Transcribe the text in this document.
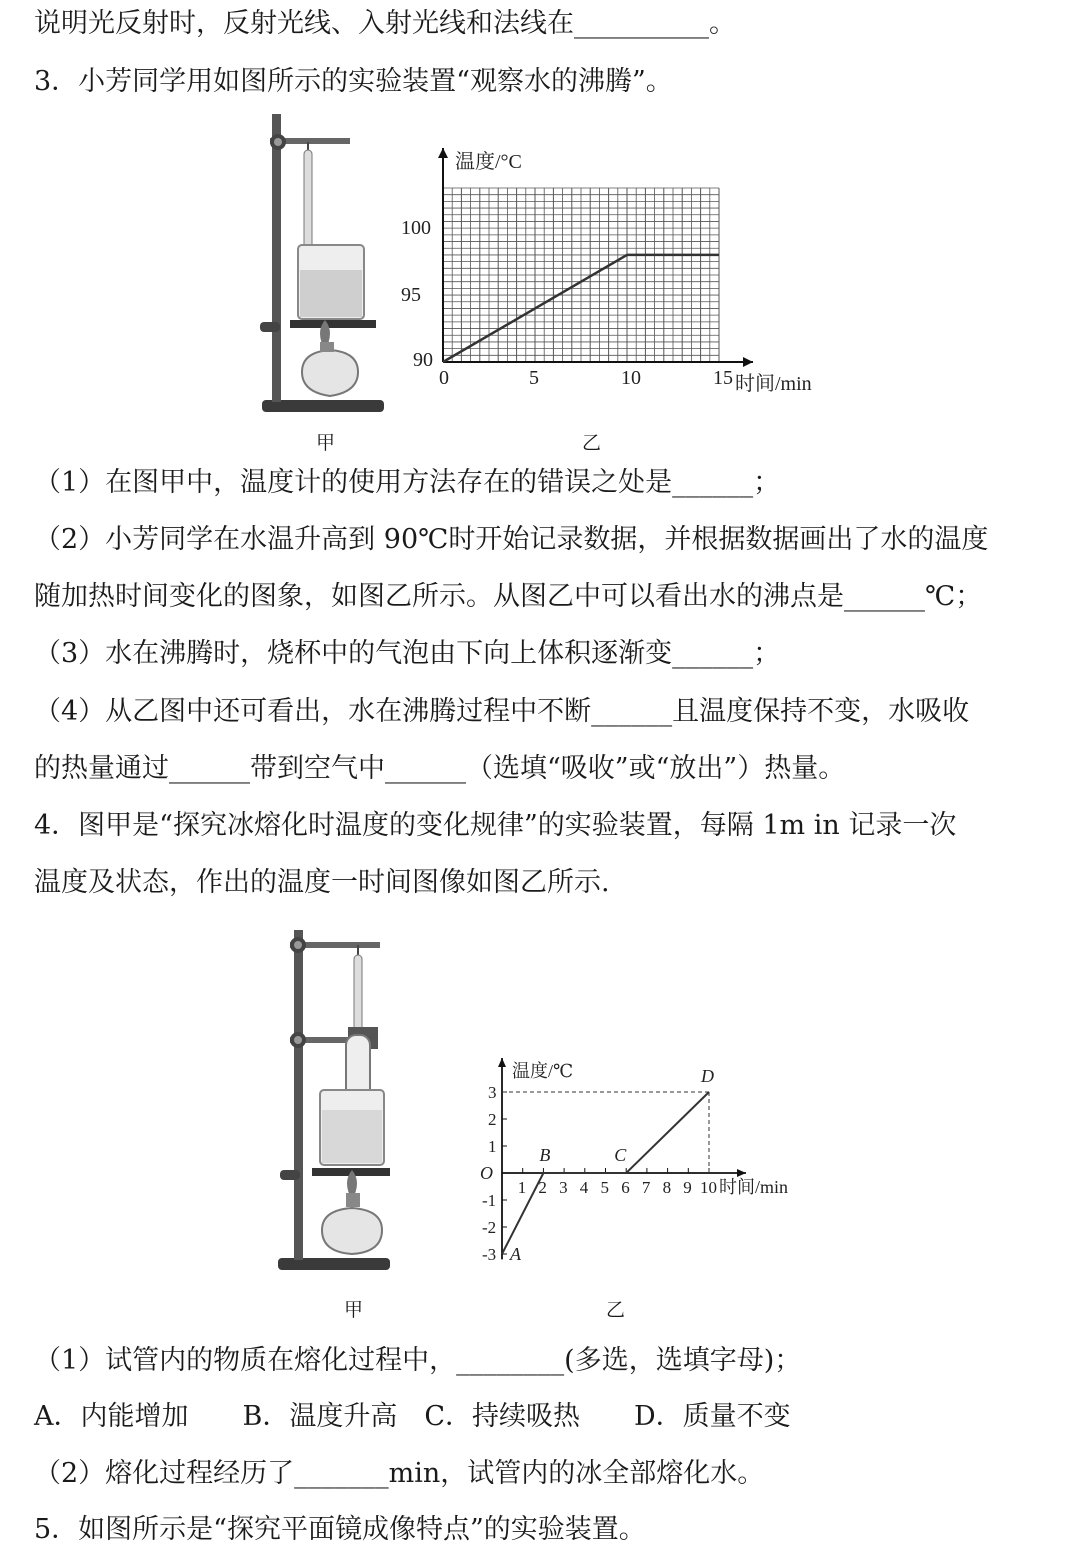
说明光反射时，反射光线、入射光线和法线在__________。
3．小芳同学用如图所示的实验装置“观察水的沸腾”。
甲
温度/°C
时间/min
0	5	10	15
90
95
100
乙
（1）在图甲中，温度计的使用方法存在的错误之处是______；
（2）小芳同学在水温升高到 90℃时开始记录数据，并根据数据画出了水的温度
随加热时间变化的图象，如图乙所示。从图乙中可以看出水的沸点是______℃；
（3）水在沸腾时，烧杯中的气泡由下向上体积逐渐变______；
（4）从乙图中还可看出，水在沸腾过程中不断______且温度保持不变，水吸收
的热量通过______带到空气中______（选填“吸收”或“放出”）热量。
4．图甲是“探究冰熔化时温度的变化规律”的实验装置，每隔 1m in 记录一次
温度及状态，作出的温度一时间图像如图乙所示.
甲
温度/℃
时间/min
O
1 2 3 4 5 6 7 8 9 10
-3
-2
-1
1
2
3
A
B	C
D
乙
（1）试管内的物质在熔化过程中，________(多选，选填字母)；
A．内能增加　　B．温度升高　C．持续吸热　　D．质量不变
（2）熔化过程经历了_______min，试管内的冰全部熔化水。
5．如图所示是“探究平面镜成像特点”的实验装置。
